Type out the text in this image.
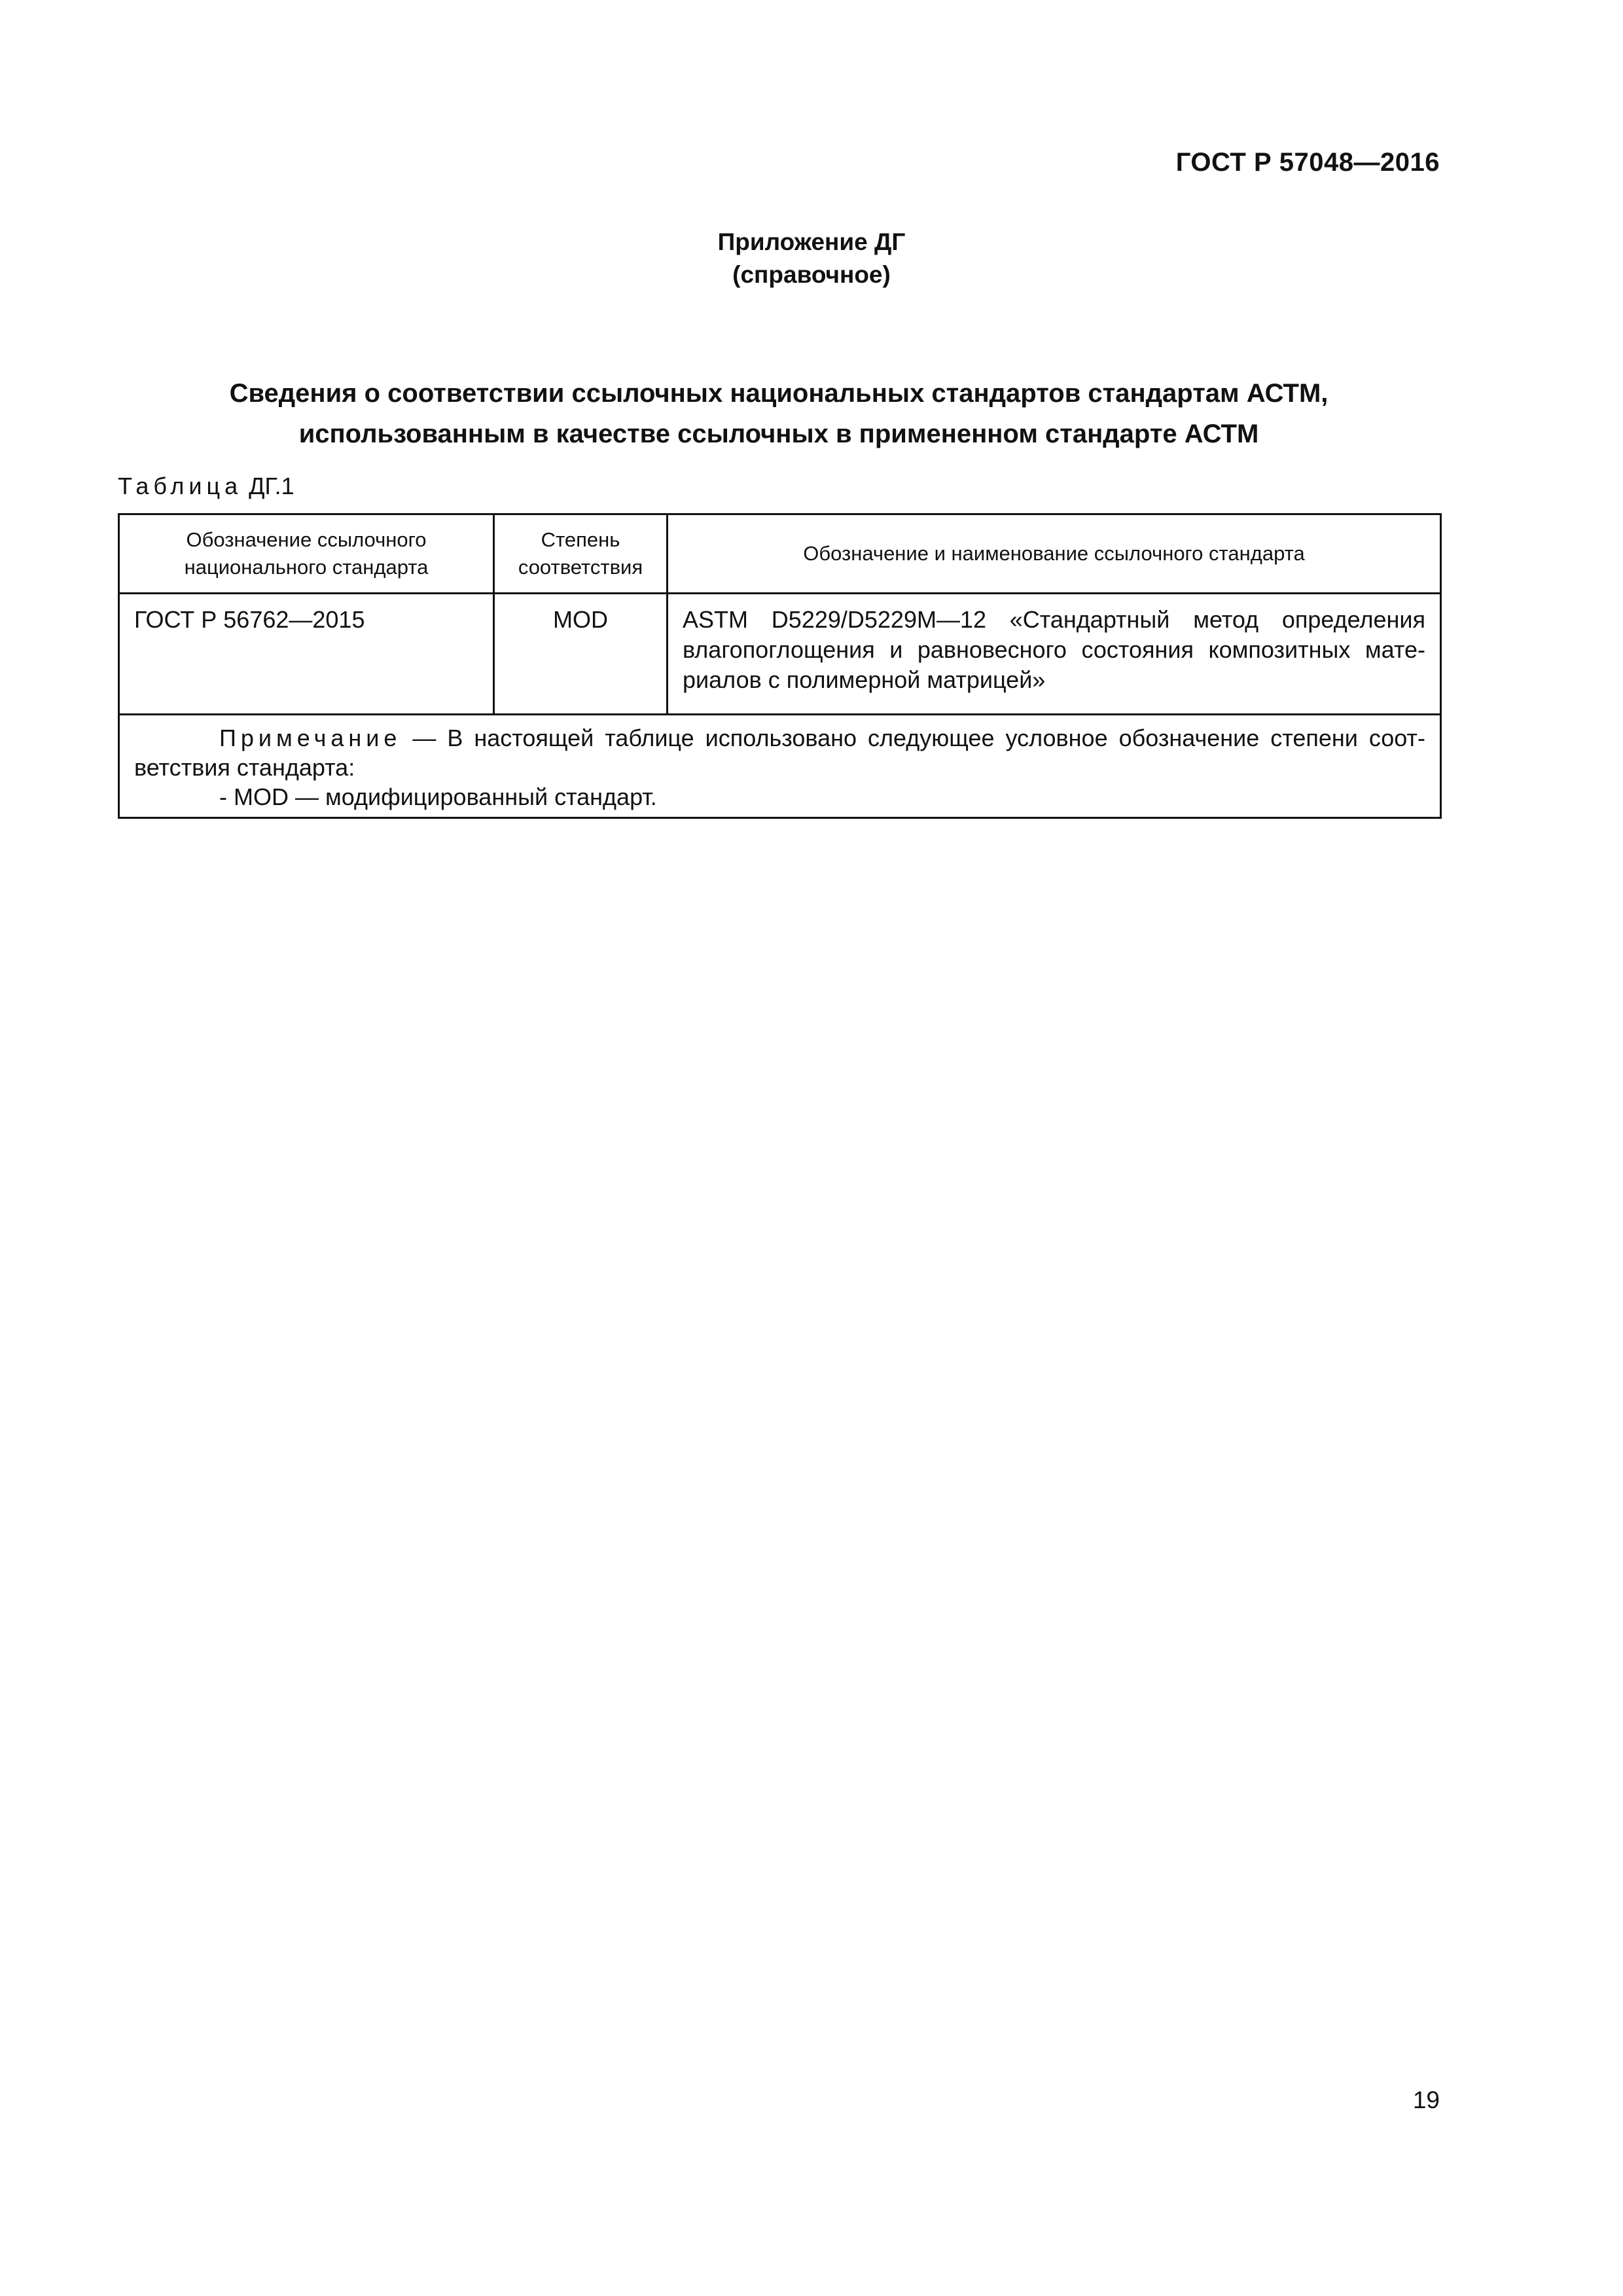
ГОСТ Р 57048—2016
Приложение ДГ
(справочное)
Сведения о соответствии ссылочных национальных стандартов стандартам АСТМ,
использованным в качестве ссылочных в примененном стандарте АСТМ
Таблица ДГ.1
Обозначение ссылочного национального стандарта	Степень соответствия	Обозначение и наименование ссылочного стандарта
ГОСТ Р 56762—2015	MOD	ASTM D5229/D5229M—12 «Стандартный метод определения влагопоглощения и равновесного состояния композитных материалов с полимерной матрицей»

Примечание — В настоящей таблице использовано следующее условное обозначение степени соответствия стандарта:
- MOD — модифицированный стандарт.		
19
